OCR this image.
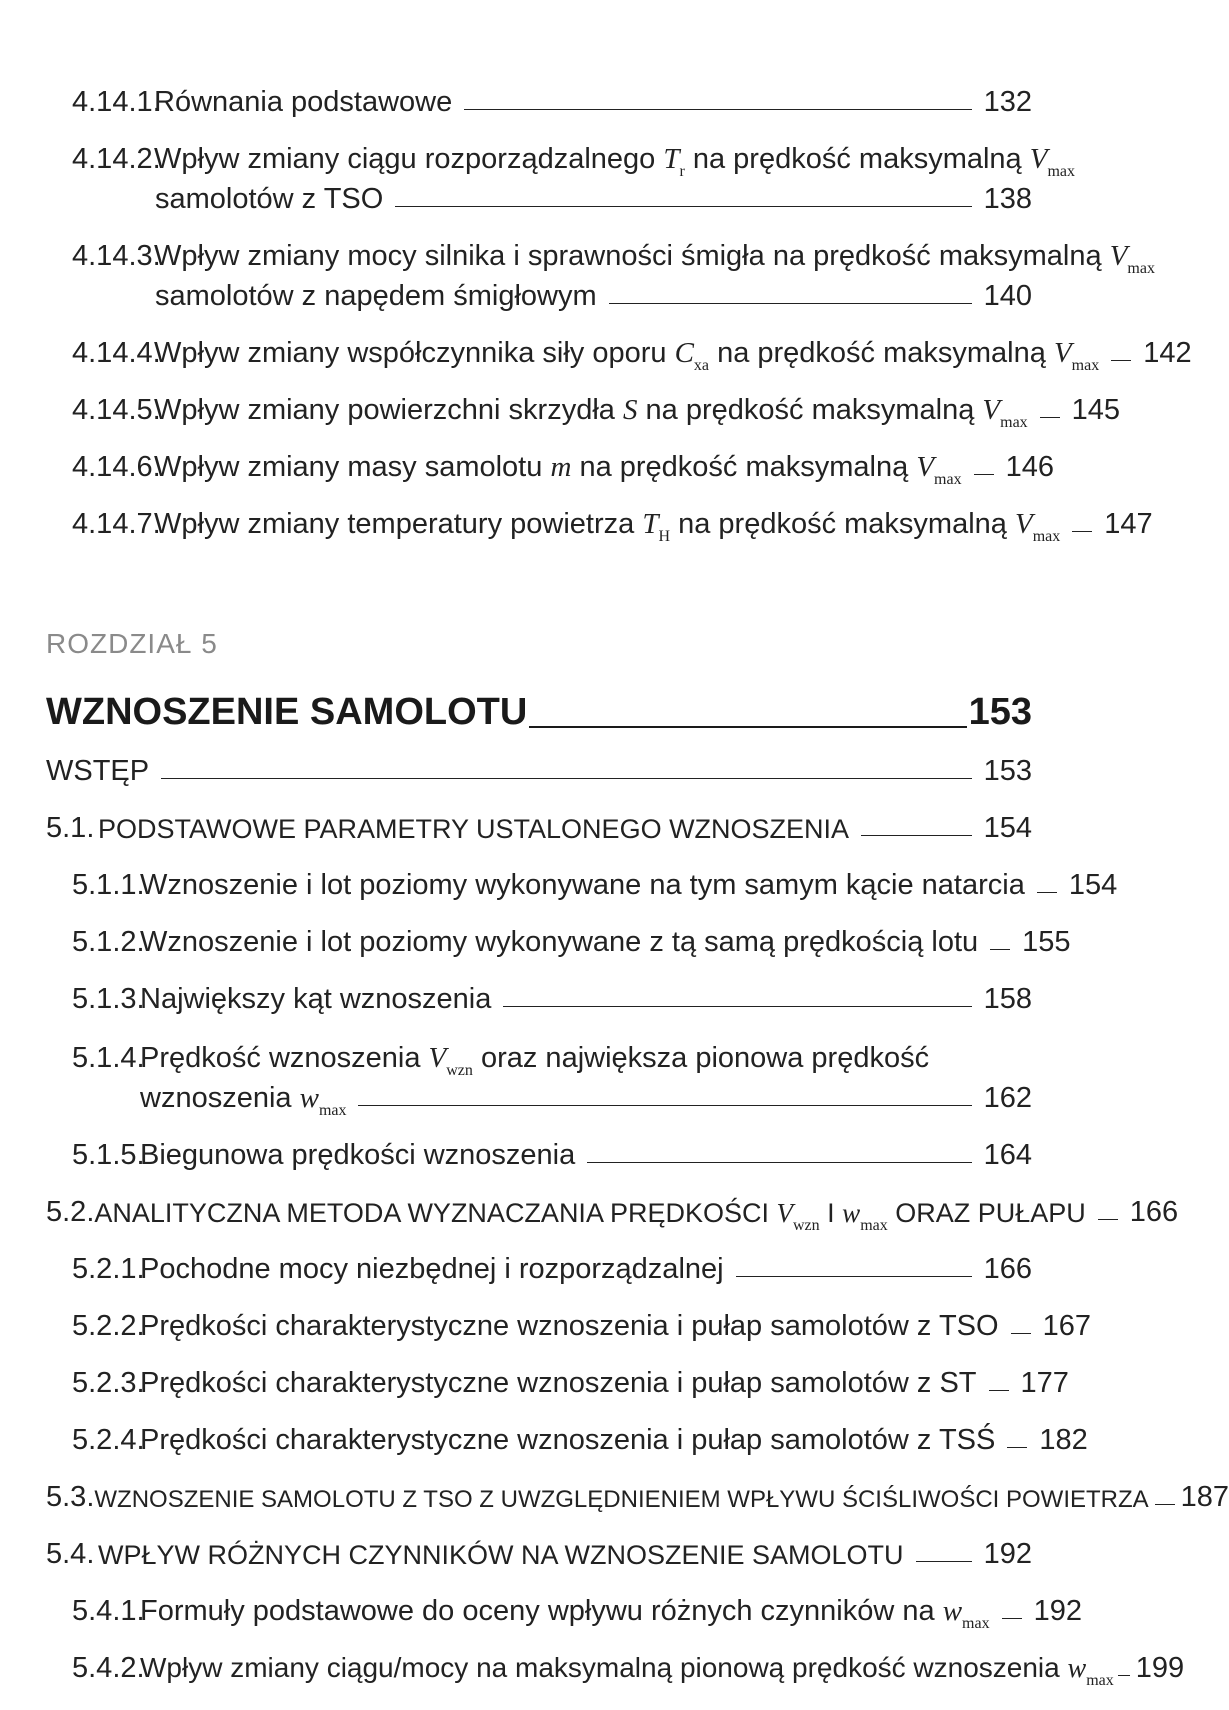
4.14.1.
Równania podstawowe	132
4.14.2.
Wpływ zmiany ciągu rozporządzalnego $T_r$ na prędkość maksymalną $V_{max}$
samolotów z TSO	138
4.14.3.
Wpływ zmiany mocy silnika i sprawności śmigła na prędkość maksymalną $V_{max}$
samolotów z napędem śmigłowym	140
4.14.4.
Wpływ zmiany współczynnika siły oporu $C_{xa}$ na prędkość maksymalną $V_{max}$ 142
4.14.5.
Wpływ zmiany powierzchni skrzydła S na prędkość maksymalną $V_{max}$ 145
4.14.6.
Wpływ zmiany masy samolotu m na prędkość maksymalną $V_{max}$ 146
4.14.7.
Wpływ zmiany temperatury powietrza $T_H$ na prędkość maksymalną $V_{max}$ 147
ROZDZIAŁ 5
WZNOSZENIE SAMOLOTU	153
WSTĘP	153
5.1. PODSTAWOWE PARAMETRY USTALONEGO WZNOSZENIA	154
5.1.1.
Wznoszenie i lot poziomy wykonywane na tym samym kącie natarcia 154
5.1.2.
Wznoszenie i lot poziomy wykonywane z tą samą prędkością lotu 155
5.1.3.
Największy kąt wznoszenia	158
5.1.4.
Prędkość wznoszenia $V_{wzn}$ oraz największa pionowa prędkość
wznoszenia $w_{max}$	162
5.1.5.
Biegunowa prędkości wznoszenia	164
5.2. ANALITYCZNA METODA WYZNACZANIA PRĘDKOŚCI $V_{wzn}$ I $w_{max}$ ORAZ PUŁAPU 166
5.2.1.
Pochodne mocy niezbędnej i rozporządzalnej	166
5.2.2.
Prędkości charakterystyczne wznoszenia i pułap samolotów z TSO 167
5.2.3.
Prędkości charakterystyczne wznoszenia i pułap samolotów z ST 177
5.2.4.
Prędkości charakterystyczne wznoszenia i pułap samolotów z TSŚ 182
5.3. WZNOSZENIE SAMOLOTU Z TSO Z UWZGLĘDNIENIEM WPŁYWU ŚCIŚLIWOŚCI POWIETRZA 187
5.4. WPŁYW RÓŻNYCH CZYNNIKÓW NA WZNOSZENIE SAMOLOTU	192
5.4.1.
Formuły podstawowe do oceny wpływu różnych czynników na $w_{max}$ 192
5.4.2.
Wpływ zmiany ciągu/mocy na maksymalną pionową prędkość wznoszenia $w_{max}$ 199
